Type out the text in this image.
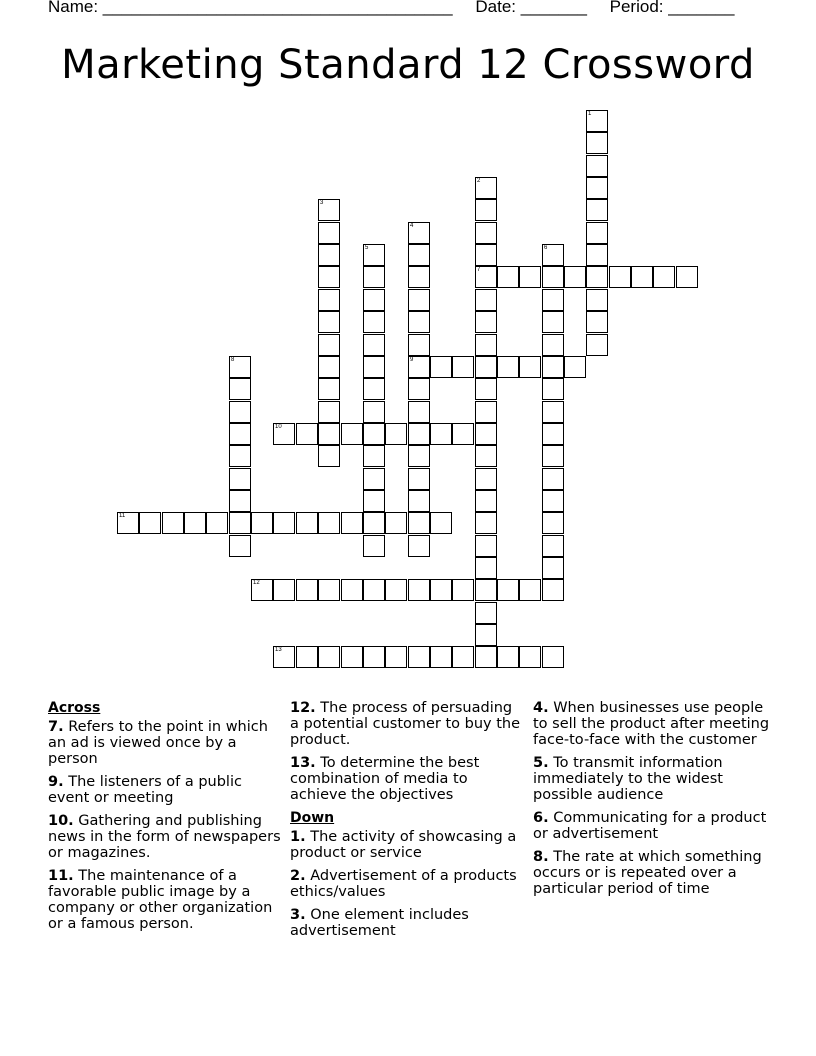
Name: _____________________________________ Date: _______ Period: _______
Marketing Standard 12 Crossword
1
2
7
3
4
9
5	6
8
10
11
12
13
Across
7. Refers to the point in which an ad is viewed once by a person
9. The listeners of a public event or meeting
10. Gathering and publishing news in the form of newspapers or magazines.
11. The maintenance of a favorable public image by a company or other organization or a famous person.
12. The process of persuading a potential customer to buy the product.
13. To determine the best combination of media to achieve the objectives
Down
1. The activity of showcasing a product or service
2. Advertisement of a products ethics/values
3. One element includes advertisement
4. When businesses use people to sell the product after meeting face-to-face with the customer
5. To transmit information immediately to the widest possible audience
6. Communicating for a product or advertisement
8. The rate at which something occurs or is repeated over a particular period of time
